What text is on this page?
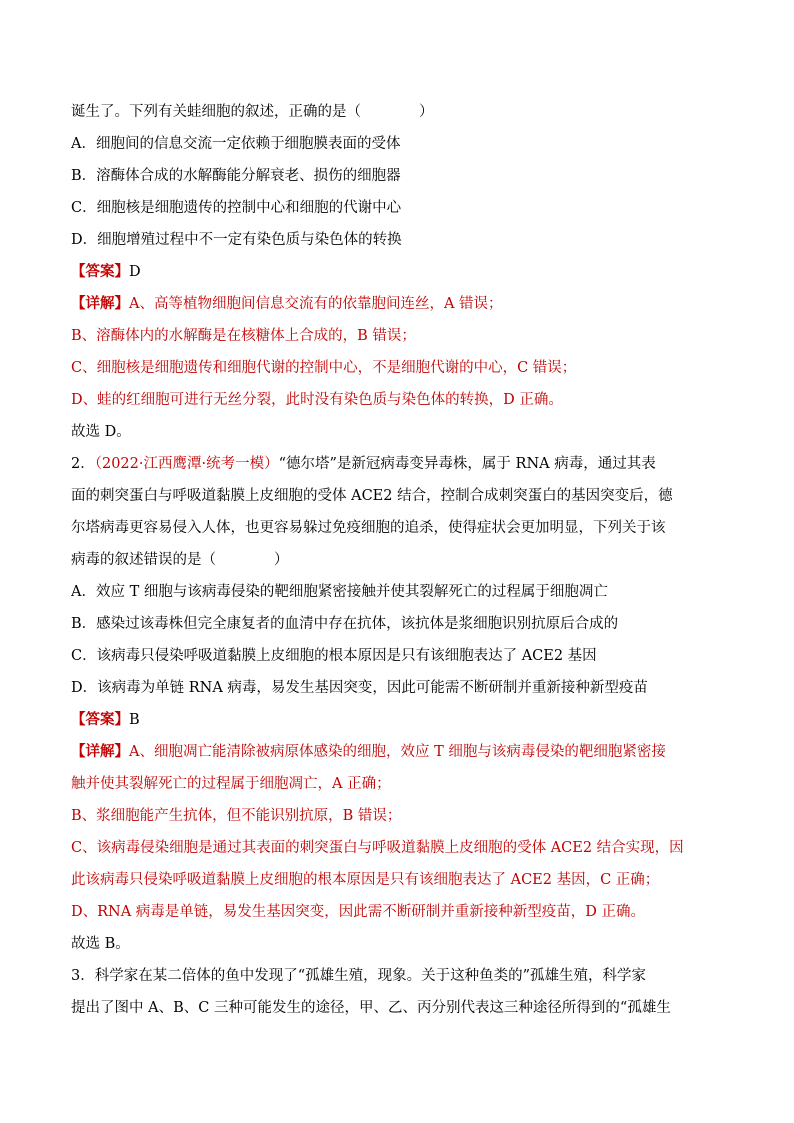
诞生了。下列有关蛙细胞的叙述，正确的是（　　　　）
A．细胞间的信息交流一定依赖于细胞膜表面的受体
B．溶酶体合成的水解酶能分解衰老、损伤的细胞器
C．细胞核是细胞遗传的控制中心和细胞的代谢中心
D．细胞增殖过程中不一定有染色质与染色体的转换
【答案】D
【详解】A、高等植物细胞间信息交流有的依靠胞间连丝，A 错误；
B、溶酶体内的水解酶是在核糖体上合成的，B 错误；
C、细胞核是细胞遗传和细胞代谢的控制中心，不是细胞代谢的中心，C 错误；
D、蛙的红细胞可进行无丝分裂，此时没有染色质与染色体的转换，D 正确。
故选 D。
2．（2022·江西鹰潭·统考一模）“德尔塔”是新冠病毒变异毒株，属于 RNA 病毒，通过其表
面的刺突蛋白与呼吸道黏膜上皮细胞的受体 ACE2 结合，控制合成刺突蛋白的基因突变后，德
尔塔病毒更容易侵入人体，也更容易躲过免疫细胞的追杀，使得症状会更加明显，下列关于该
病毒的叙述错误的是（　　　　）
A．效应 T 细胞与该病毒侵染的靶细胞紧密接触并使其裂解死亡的过程属于细胞凋亡
B．感染过该毒株但完全康复者的血清中存在抗体，该抗体是浆细胞识别抗原后合成的
C．该病毒只侵染呼吸道黏膜上皮细胞的根本原因是只有该细胞表达了 ACE2 基因
D．该病毒为单链 RNA 病毒，易发生基因突变，因此可能需不断研制并重新接种新型疫苗
【答案】B
【详解】A、细胞凋亡能清除被病原体感染的细胞，效应 T 细胞与该病毒侵染的靶细胞紧密接
触并使其裂解死亡的过程属于细胞凋亡，A 正确；
B、浆细胞能产生抗体，但不能识别抗原，B 错误；
C、该病毒侵染细胞是通过其表面的刺突蛋白与呼吸道黏膜上皮细胞的受体 ACE2 结合实现，因
此该病毒只侵染呼吸道黏膜上皮细胞的根本原因是只有该细胞表达了 ACE2 基因，C 正确；
D、RNA 病毒是单链，易发生基因突变，因此需不断研制并重新接种新型疫苗，D 正确。
故选 B。
3．科学家在某二倍体的鱼中发现了“孤雄生殖，现象。关于这种鱼类的”孤雄生殖，科学家
提出了图中 A、B、C 三种可能发生的途径，甲、乙、丙分别代表这三种途径所得到的“孤雄生
